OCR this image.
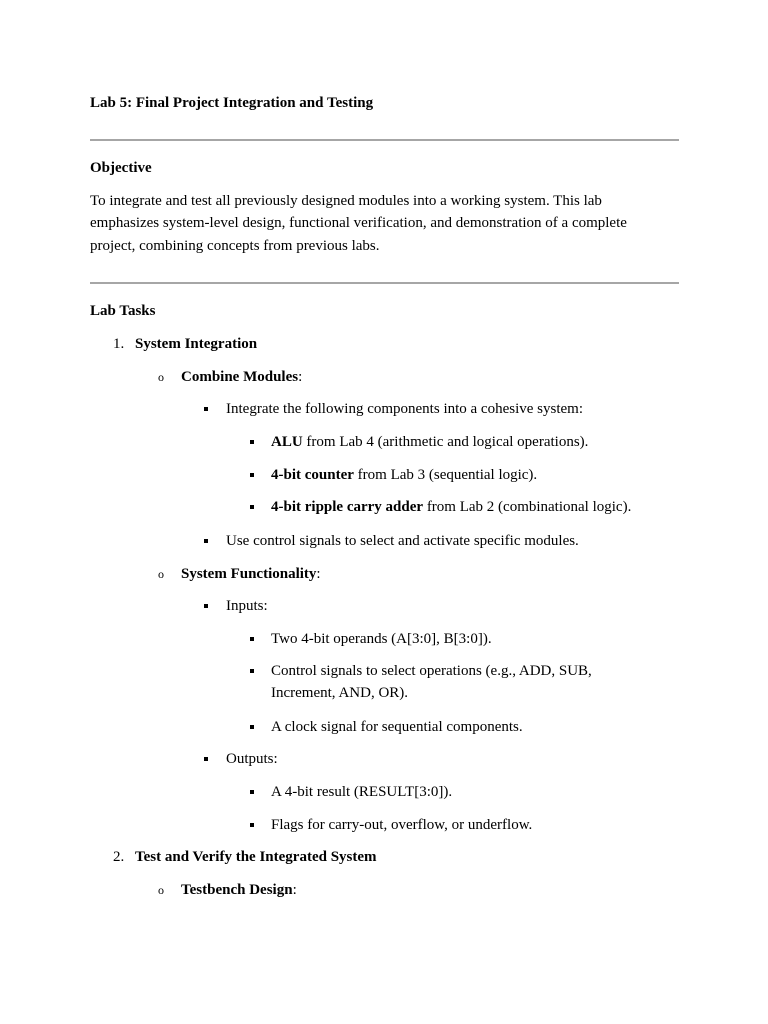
Lab 5: Final Project Integration and Testing
Objective
To integrate and test all previously designed modules into a working system. This lab
emphasizes system-level design, functional verification, and demonstration of a complete
project, combining concepts from previous labs.
Lab Tasks
1. System Integration
o Combine Modules:
Integrate the following components into a cohesive system:
ALU from Lab 4 (arithmetic and logical operations).
4-bit counter from Lab 3 (sequential logic).
4-bit ripple carry adder from Lab 2 (combinational logic).
Use control signals to select and activate specific modules.
o System Functionality:
Inputs:
Two 4-bit operands (A[3:0], B[3:0]).
Control signals to select operations (e.g., ADD, SUB,
Increment, AND, OR).
A clock signal for sequential components.
Outputs:
A 4-bit result (RESULT[3:0]).
Flags for carry-out, overflow, or underflow.
2. Test and Verify the Integrated System
o Testbench Design:
